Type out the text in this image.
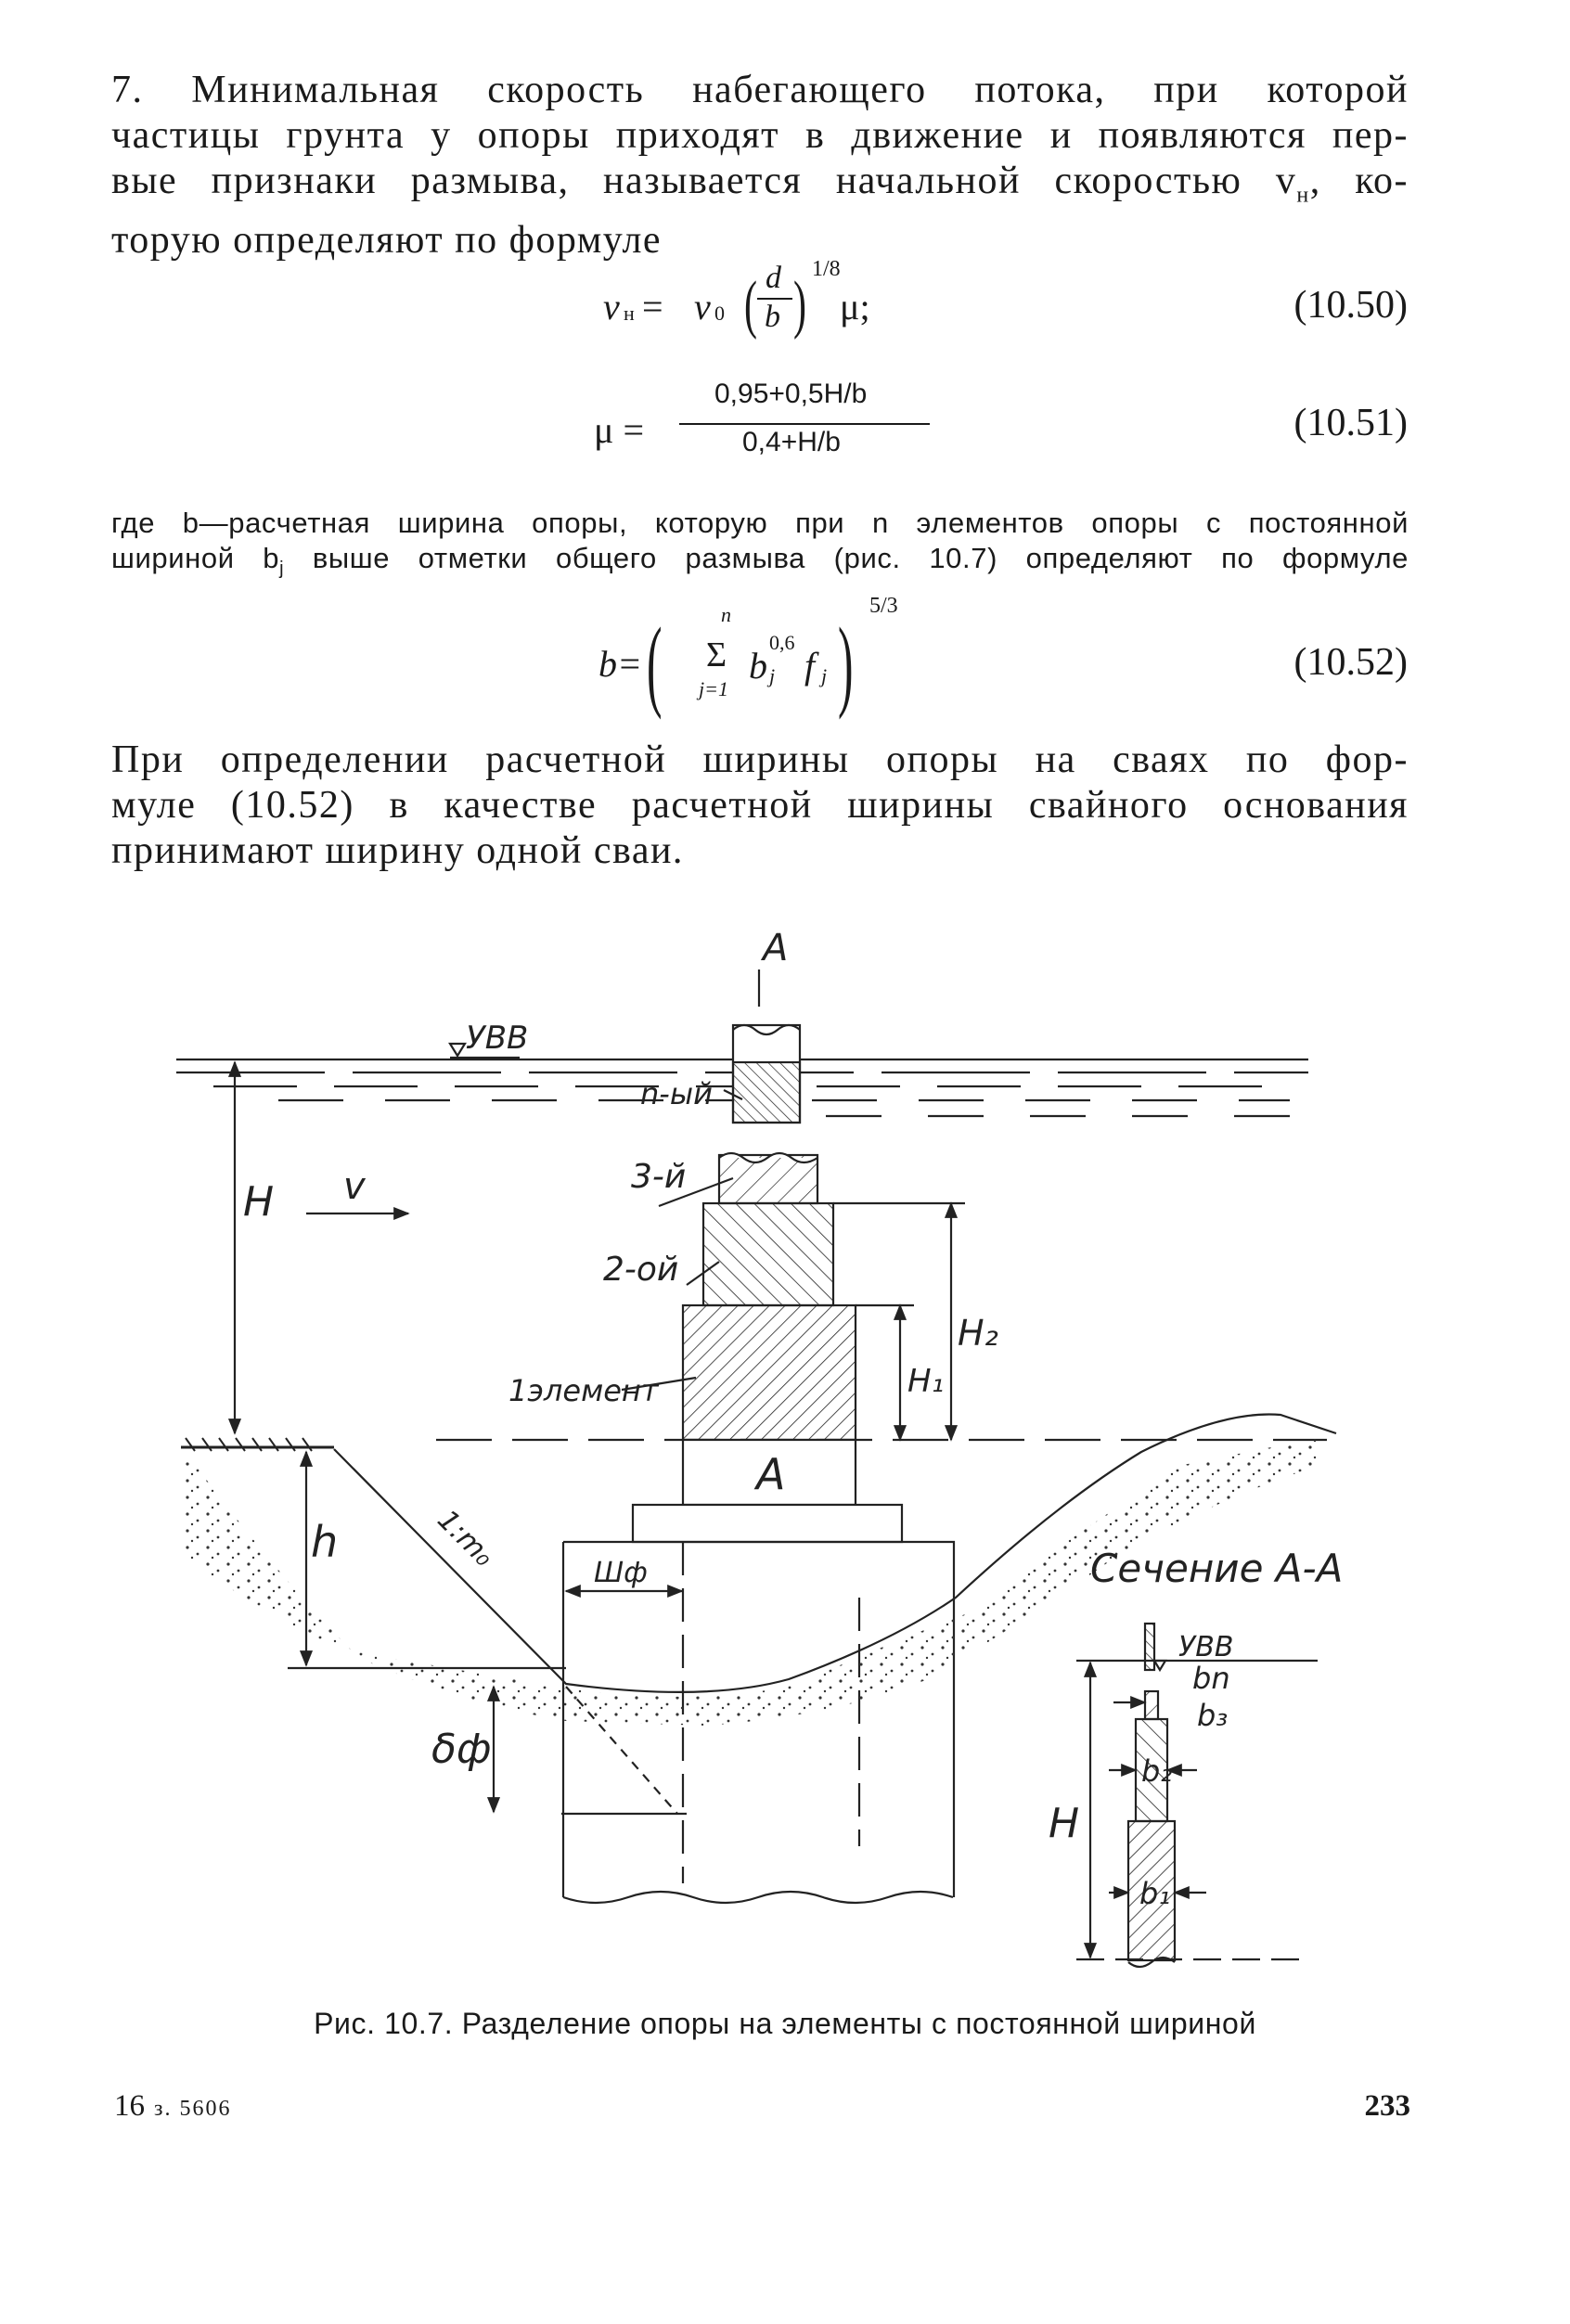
7. Минимальная скорость набегающего потока, при которой
частицы грунта у опоры приходят в движение и появляются пер-
вые признаки размыва, называется начальной скоростью $v_н$, ко-
торую определяют по формуле
v н = v 0 ( d
b ) 1/8
μ;	(10.50)
μ =
0,95+0,5H/b
0,4+H/b	(10.51)
где b—расчетная ширина опоры, которую при n элементов опоры с постоянной
шириной $b_j$ выше отметки общего размыва (рис. 10.7) определяют по формуле
b= (	n
Σ
j=1
b
0,6
j f j )
5/3
(10.52)
При определении расчетной ширины опоры на сваях по фор-
муле (10.52) в качестве расчетной ширины свайного основания
принимают ширину одной сваи.
A
УВВ
n-ый
3-й
2-ой
1элемент
H v
H₁
H₂
A
h	1:m₀
Шф
δф
Сечение А-А
УВВ
H
bn
b₃
b₂
b₁
Рис. 10.7. Разделение опоры на элементы с постоянной шириной
16 з. 5606	233
